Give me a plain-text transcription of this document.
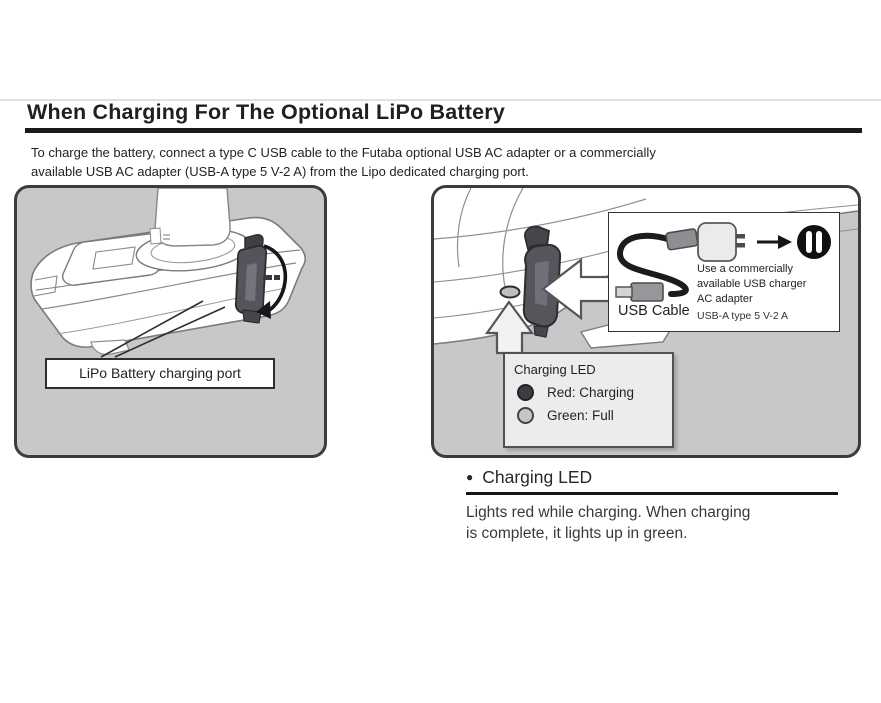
When Charging For The Optional LiPo Battery

To charge the battery, connect a type C USB cable to the Futaba optional USB AC adapter or a commercially
available USB AC adapter (USB-A type 5 V-2 A) from the Lipo dedicated charging port.

LiPo Battery charging port
USB Cable
Use a commercially
available USB charger
AC adapter
USB-A type 5 V-2 A
Charging LED
Red: Charging
Green: Full
● Charging LED

Lights red while charging. When charging
is complete, it lights up in green.
